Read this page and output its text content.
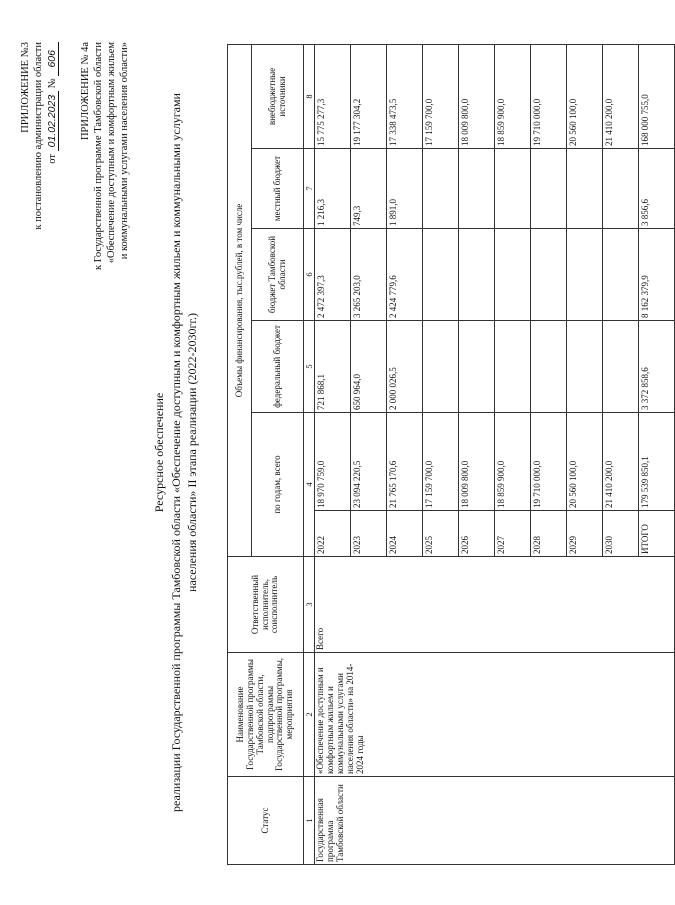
ПРИЛОЖЕНИЕ №3 к постановлению администрации области от 01.02.2023 № 606 ПРИЛОЖЕНИЕ № 4а к Государственной программе Тамбовской области «Обеспечение доступным и комфортным жильем и коммунальными услугами населения области»
Ресурсное обеспечение реализации Государственной программы Тамбовской области «Обеспечение доступным и комфортным жильем и коммунальными услугами населения области» II этапа реализации (2022-2030гг.)
Статус	Наименование Государственной программы Тамбовской области, подпрограммы Государственной программы, мероприятия	Ответственный исполнитель, соисполнитель	Объемы финансирования, тыс.рублей, в том числе					
			по годам, всего		федеральный бюджет	бюджет Тамбовской области	местный бюджет	внебюджетные источники
1	2	3	4		5	6	7	8
Государственная программа Тамбовской области	«Обеспечение доступным и комфортным жильем и коммунальными услугами населения области» на 2014-2024 годы	Всего	2022	18 970 759,0	721 868,1	2 472 397,3	1 216,3	15 775 277,3
			2023	23 094 220,5	650 964,0	3 265 203,0	749,3	19 177 304,2
			2024	21 765 170,6	2 000 026,5	2 424 779,6	1 891,0	17 338 473,5
			2025	17 159 700,0				17 159 700,0
			2026	18 009 800,0				18 009 800,0
			2027	18 859 900,0				18 859 900,0
			2028	19 710 000,0				19 710 000,0
			2029	20 560 100,0				20 560 100,0
			2030	21 410 200,0				21 410 200,0
			ИТОГО	179 539 850,1	3 372 858,6	8 162 379,9	3 856,6	168 000 755,0
